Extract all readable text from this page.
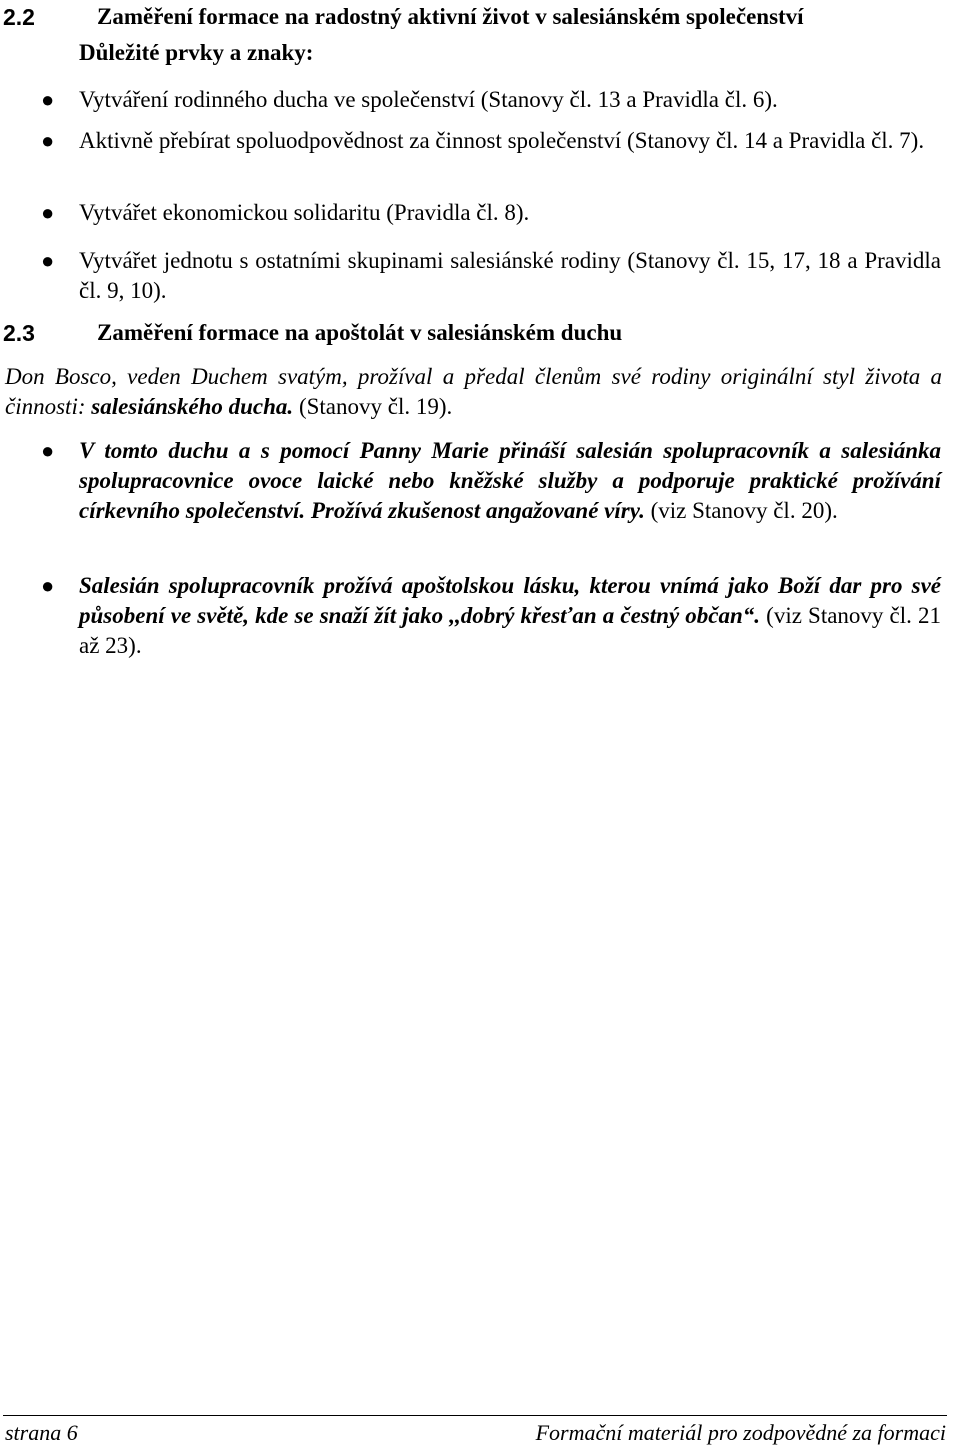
2.2	Zaměření formace na radostný aktivní život v salesiánském společenství
Důležité prvky a znaky:
● Vytváření rodinného ducha ve společenství (Stanovy čl. 13 a Pravidla čl. 6).
● Aktivně přebírat spoluodpovědnost za činnost společenství (Stanovy čl. 14 a Pravidla čl. 7).
● Vytvářet ekonomickou solidaritu (Pravidla čl. 8).
● Vytvářet jednotu s ostatními skupinami salesiánské rodiny (Stanovy čl. 15, 17, 18 a Pravidla čl. 9, 10).
2.3	Zaměření formace na apoštolát v salesiánském duchu
Don Bosco, veden Duchem svatým, prožíval a předal členům své rodiny originální styl života a činnosti: salesiánského ducha. (Stanovy čl. 19).
● V tomto duchu a s pomocí Panny Marie přináší salesián spolupracovník a salesiánka spolupracovnice ovoce laické nebo kněžské služby a podporuje praktické prožívání církevního společenství. Prožívá zkušenost angažované víry. (viz Stanovy čl. 20).
● Salesián spolupracovník prožívá apoštolskou lásku, kterou vnímá jako Boží dar pro své působení ve světě, kde se snaží žít jako ,,dobrý křesťan a čestný občan“. (viz Stanovy čl. 21 až 23).
strana 6	Formační materiál pro zodpovědné za formaci
